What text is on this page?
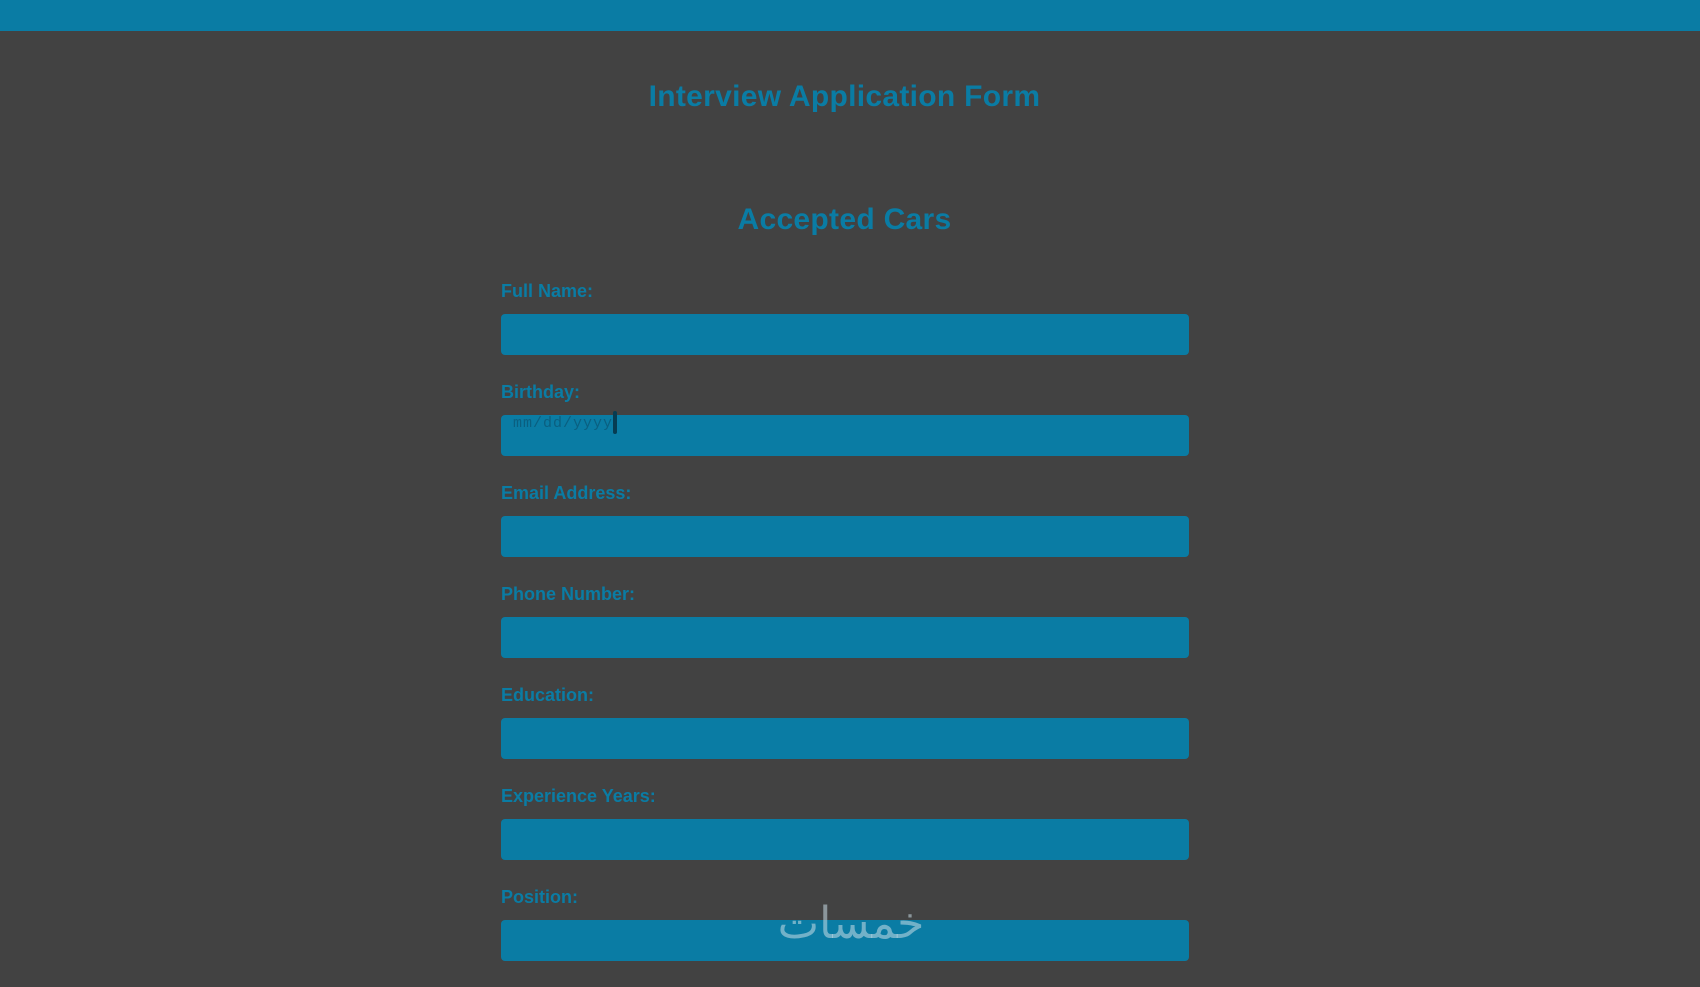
Interview Application Form
Accepted Cars
Full Name:
Birthday:
mm/dd/yyyy
Email Address:
Phone Number:
Education:
Experience Years:
Position:
خمسات
